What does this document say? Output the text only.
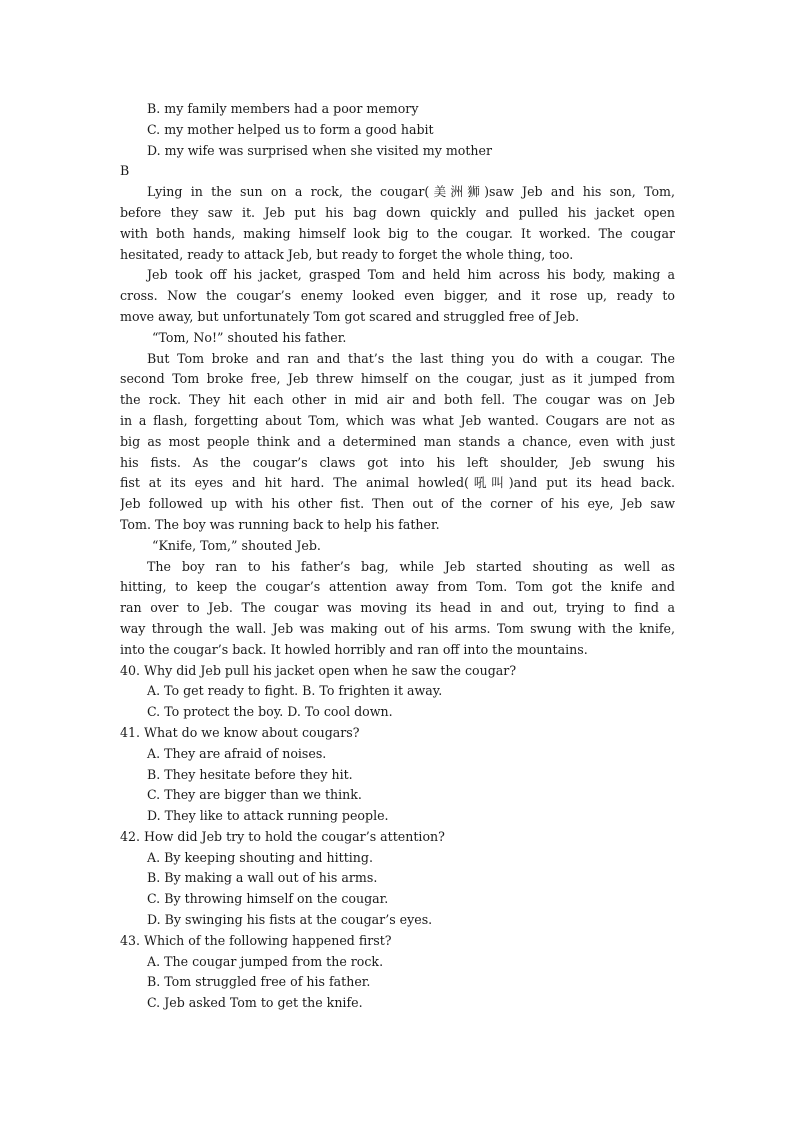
B. my family members had a poor memory
C. my mother helped us to form a good habit
D. my wife was surprised when she visited my mother
B
Lying in the sun on a rock, the cougar(美洲狮)saw Jeb and his son, Tom,
before they saw it. Jeb put his bag down quickly and pulled his jacket open
with both hands, making himself look big to the cougar. It worked. The cougar
hesitated, ready to attack Jeb, but ready to forget the whole thing, too.
Jeb took off his jacket, grasped Tom and held him across his body, making a
cross. Now the cougar’s enemy looked even bigger, and it rose up, ready to
move away, but unfortunately Tom got scared and struggled free of Jeb.
“Tom, No!” shouted his father.
But Tom broke and ran and that’s the last thing you do with a cougar. The
second Tom broke free, Jeb threw himself on the cougar, just as it jumped from
the rock. They hit each other in mid air and both fell. The cougar was on Jeb
in a flash, forgetting about Tom, which was what Jeb wanted. Cougars are not as
big as most people think and a determined man stands a chance, even with just
his fists. As the cougar’s claws got into his left shoulder, Jeb swung his
fist at its eyes and hit hard. The animal howled(吼叫)and put its head back.
Jeb followed up with his other fist. Then out of the corner of his eye, Jeb saw
Tom. The boy was running back to help his father.
“Knife, Tom,” shouted Jeb.
The boy ran to his father’s bag, while Jeb started shouting as well as
hitting, to keep the cougar’s attention away from Tom. Tom got the knife and
ran over to Jeb. The cougar was moving its head in and out, trying to find a
way through the wall. Jeb was making out of his arms. Tom swung with the knife,
into the cougar’s back. It howled horribly and ran off into the mountains.
40. Why did Jeb pull his jacket open when he saw the cougar?
A. To get ready to fight. B. To frighten it away.
C. To protect the boy. D. To cool down.
41. What do we know about cougars?
A. They are afraid of noises.
B. They hesitate before they hit.
C. They are bigger than we think.
D. They like to attack running people.
42. How did Jeb try to hold the cougar’s attention?
A. By keeping shouting and hitting.
B. By making a wall out of his arms.
C. By throwing himself on the cougar.
D. By swinging his fists at the cougar’s eyes.
43. Which of the following happened first?
A. The cougar jumped from the rock.
B. Tom struggled free of his father.
C. Jeb asked Tom to get the knife.
